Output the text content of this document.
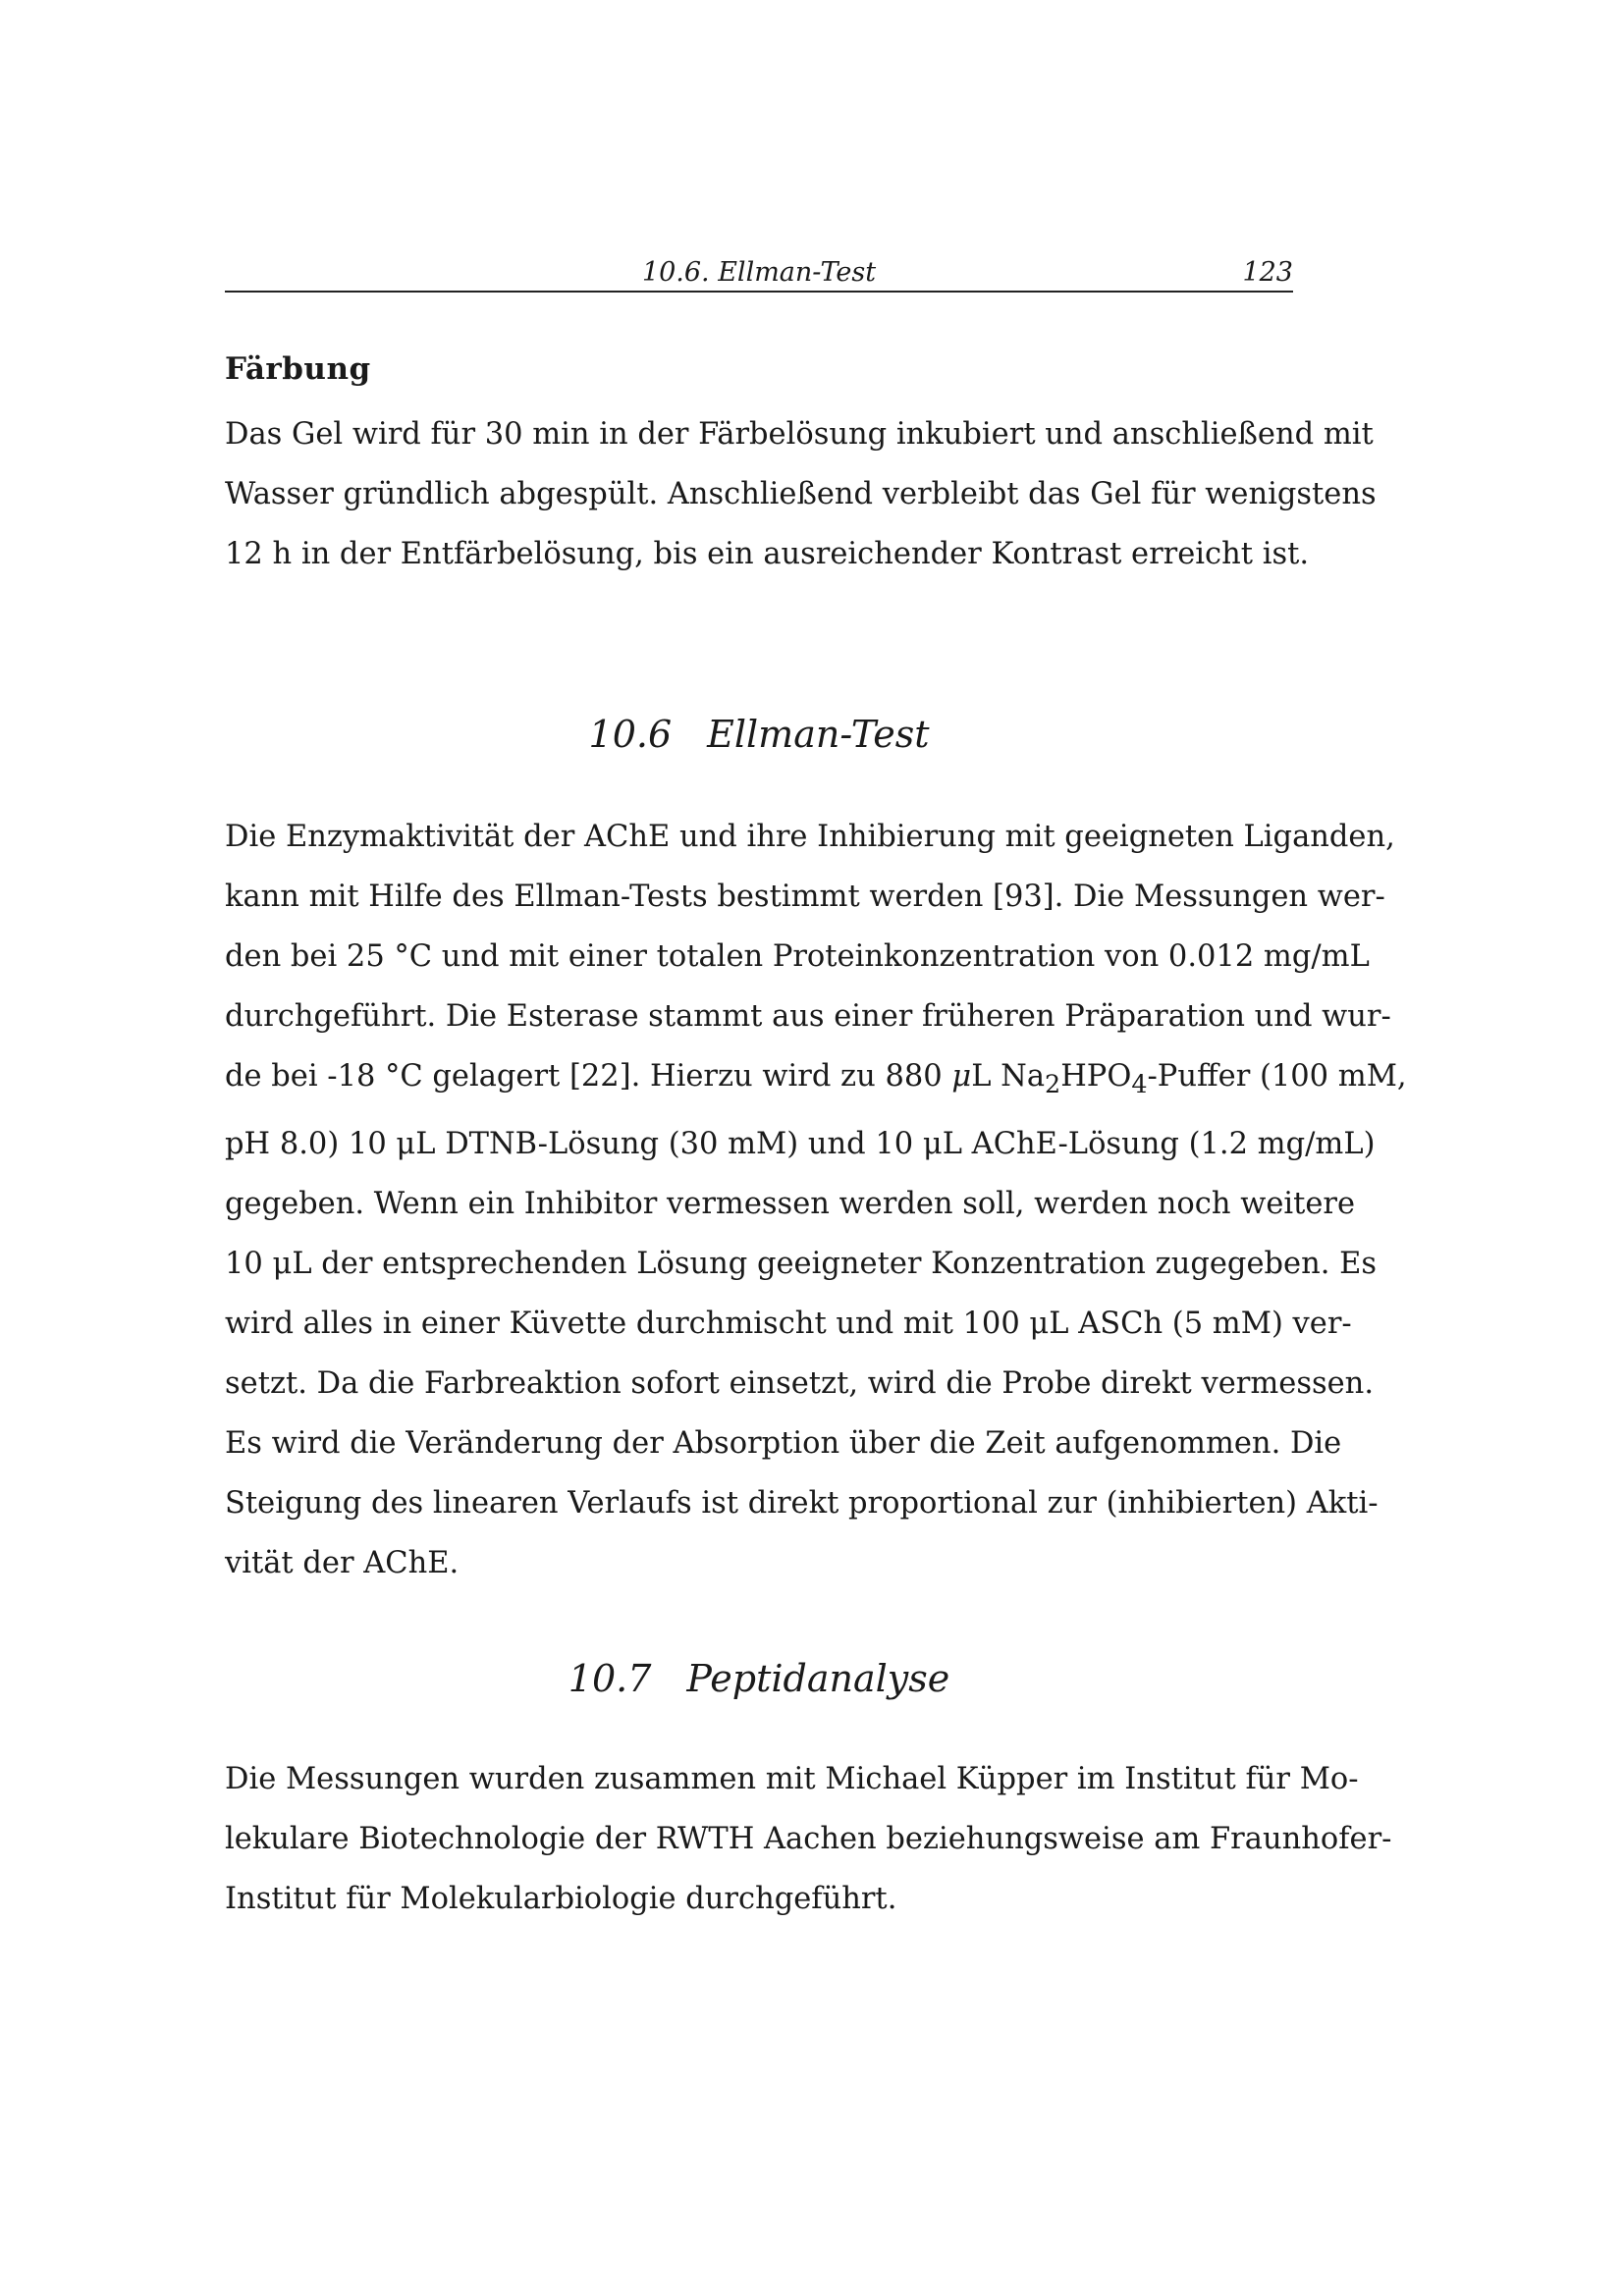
10.6. Ellman-Test	123
Färbung

Das Gel wird für 30 min in der Färbelösung inkubiert und anschließend mit
Wasser gründlich abgespült. Anschließend verbleibt das Gel für wenigstens
12 h in der Entfärbelösung, bis ein ausreichender Kontrast erreicht ist.

10.6 Ellman-Test

Die Enzymaktivität der AChE und ihre Inhibierung mit geeigneten Liganden,
kann mit Hilfe des Ellman-Tests bestimmt werden [93]. Die Messungen wer-
den bei 25 °C und mit einer totalen Proteinkonzentration von 0.012 mg/mL
durchgeführt. Die Esterase stammt aus einer früheren Präparation und wur-
de bei -18 °C gelagert [22]. Hierzu wird zu 880 μL $Na_2HPO_4$-Puffer (100 mM,
pH 8.0) 10 μL DTNB-Lösung (30 mM) und 10 μL AChE-Lösung (1.2 mg/mL)
gegeben. Wenn ein Inhibitor vermessen werden soll, werden noch weitere
10 μL der entsprechenden Lösung geeigneter Konzentration zugegeben. Es
wird alles in einer Küvette durchmischt und mit 100 μL ASCh (5 mM) ver-
setzt. Da die Farbreaktion sofort einsetzt, wird die Probe direkt vermessen.
Es wird die Veränderung der Absorption über die Zeit aufgenommen. Die
Steigung des linearen Verlaufs ist direkt proportional zur (inhibierten) Akti-
vität der AChE.

10.7 Peptidanalyse

Die Messungen wurden zusammen mit Michael Küpper im Institut für Mo-
lekulare Biotechnologie der RWTH Aachen beziehungsweise am Fraunhofer-
Institut für Molekularbiologie durchgeführt.
